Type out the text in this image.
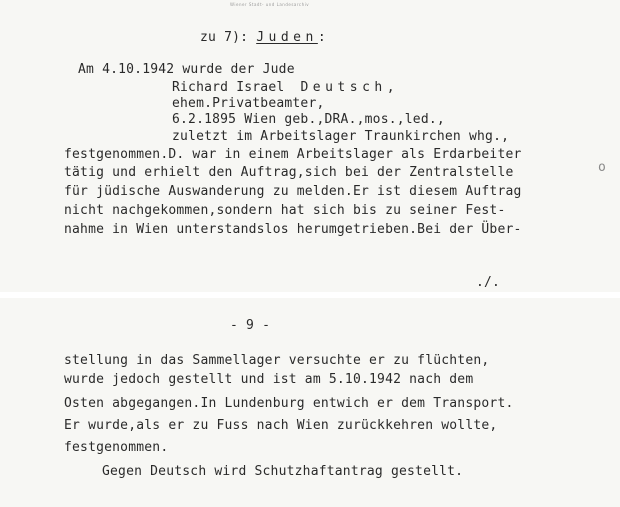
Wiener Stadt- und Landesarchiv
zu 7): Juden:
Am 4.10.1942 wurde der Jude
Richard Israel Deutsch,
ehem.Privatbeamter,
6.2.1895 Wien geb.,DRA.,mos.,led.,
zuletzt im Arbeitslager Traunkirchen whg.,
festgenommen.D. war in einem Arbeitslager als Erdarbeiter
tätig und erhielt den Auftrag,sich bei der Zentralstelle
für jüdische Auswanderung zu melden.Er ist diesem Auftrag
nicht nachgekommen,sondern hat sich bis zu seiner Fest-
nahme in Wien unterstandslos herumgetrieben.Bei der Über-
o
./.
- 9 -
stellung in das Sammellager versuchte er zu flüchten,
wurde jedoch gestellt und ist am 5.10.1942 nach dem
Osten abgegangen.In Lundenburg entwich er dem Transport.
Er wurde,als er zu Fuss nach Wien zurückkehren wollte,
festgenommen.
Gegen Deutsch wird Schutzhaftantrag gestellt.
